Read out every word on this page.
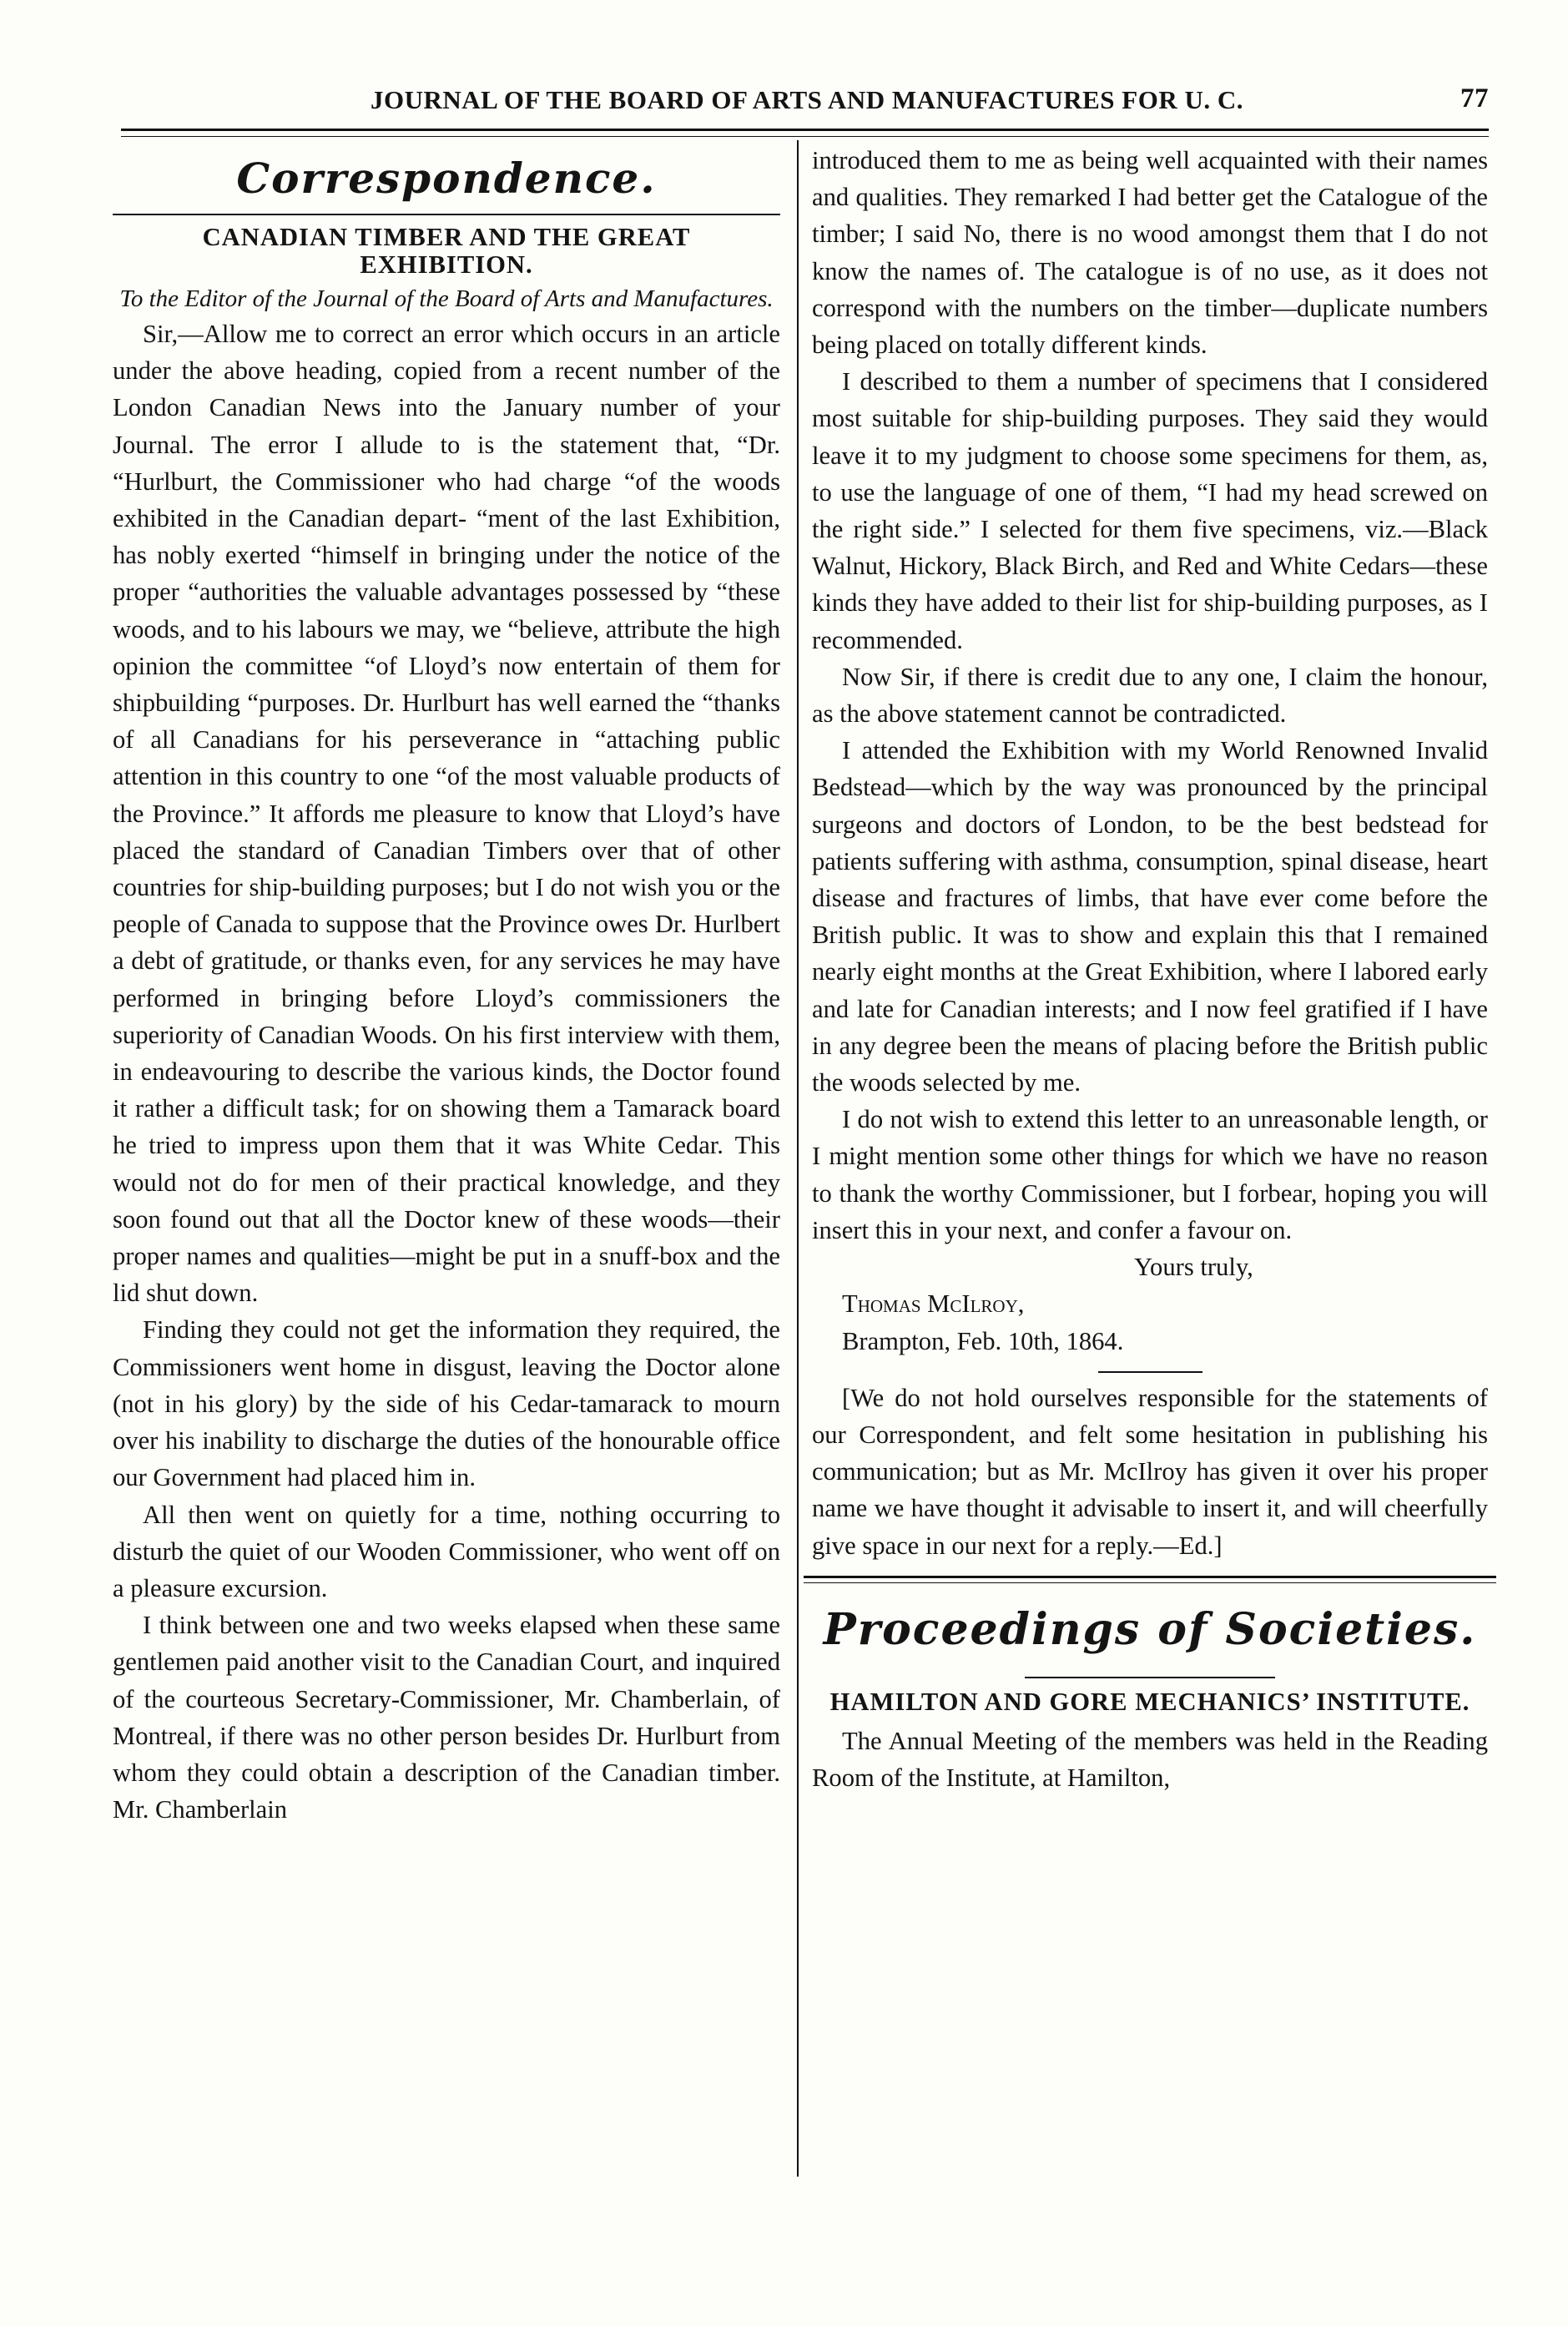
JOURNAL OF THE BOARD OF ARTS AND MANUFACTURES FOR U. C.	77
Correspondence.
CANADIAN TIMBER AND THE GREAT EXHIBITION.
To the Editor of the Journal of the Board of Arts and Manufactures.

Sir,—Allow me to correct an error which occurs in an article under the above heading, copied from a recent number of the London Canadian News into the January number of your Journal. The error I allude to is the statement that, “Dr. “Hurlburt, the Commissioner who had charge “of the woods exhibited in the Canadian depart- “ment of the last Exhibition, has nobly exerted “himself in bringing under the notice of the proper “authorities the valuable advantages possessed by “these woods, and to his labours we may, we “believe, attribute the high opinion the committee “of Lloyd’s now entertain of them for shipbuilding “purposes. Dr. Hurlburt has well earned the “thanks of all Canadians for his perseverance in “attaching public attention in this country to one “of the most valuable products of the Province.” It affords me pleasure to know that Lloyd’s have placed the standard of Canadian Timbers over that of other countries for ship-building purposes; but I do not wish you or the people of Canada to suppose that the Province owes Dr. Hurlbert a debt of gratitude, or thanks even, for any services he may have performed in bringing before Lloyd’s commissioners the superiority of Canadian Woods. On his first interview with them, in endeavouring to describe the various kinds, the Doctor found it rather a difficult task; for on showing them a Tamarack board he tried to impress upon them that it was White Cedar. This would not do for men of their practical knowledge, and they soon found out that all the Doctor knew of these woods—their proper names and qualities—might be put in a snuff-box and the lid shut down.

Finding they could not get the information they required, the Commissioners went home in disgust, leaving the Doctor alone (not in his glory) by the side of his Cedar-tamarack to mourn over his inability to discharge the duties of the honourable office our Government had placed him in.

All then went on quietly for a time, nothing occurring to disturb the quiet of our Wooden Commissioner, who went off on a pleasure excursion.

I think between one and two weeks elapsed when these same gentlemen paid another visit to the Canadian Court, and inquired of the courteous Secretary-Commissioner, Mr. Chamberlain, of Montreal, if there was no other person besides Dr. Hurlburt from whom they could obtain a description of the Canadian timber. Mr. Chamberlain

introduced them to me as being well acquainted with their names and qualities. They remarked I had better get the Catalogue of the timber; I said No, there is no wood amongst them that I do not know the names of. The catalogue is of no use, as it does not correspond with the numbers on the timber—duplicate numbers being placed on totally different kinds.

I described to them a number of specimens that I considered most suitable for ship-building purposes. They said they would leave it to my judgment to choose some specimens for them, as, to use the language of one of them, “I had my head screwed on the right side.” I selected for them five specimens, viz.—Black Walnut, Hickory, Black Birch, and Red and White Cedars—these kinds they have added to their list for ship-building purposes, as I recommended.

Now Sir, if there is credit due to any one, I claim the honour, as the above statement cannot be contradicted.

I attended the Exhibition with my World Renowned Invalid Bedstead—which by the way was pronounced by the principal surgeons and doctors of London, to be the best bedstead for patients suffering with asthma, consumption, spinal disease, heart disease and fractures of limbs, that have ever come before the British public. It was to show and explain this that I remained nearly eight months at the Great Exhibition, where I labored early and late for Canadian interests; and I now feel gratified if I have in any degree been the means of placing before the British public the woods selected by me.

I do not wish to extend this letter to an unreasonable length, or I might mention some other things for which we have no reason to thank the worthy Commissioner, but I forbear, hoping you will insert this in your next, and confer a favour on.
Yours truly,

Thomas McIlroy,

Brampton, Feb. 10th, 1864.

[We do not hold ourselves responsible for the statements of our Correspondent, and felt some hesitation in publishing his communication; but as Mr. McIlroy has given it over his proper name we have thought it advisable to insert it, and will cheerfully give space in our next for a reply.—Ed.]

Proceedings of Societies.
HAMILTON AND GORE MECHANICS’ INSTITUTE.

The Annual Meeting of the members was held in the Reading Room of the Institute, at Hamilton,
